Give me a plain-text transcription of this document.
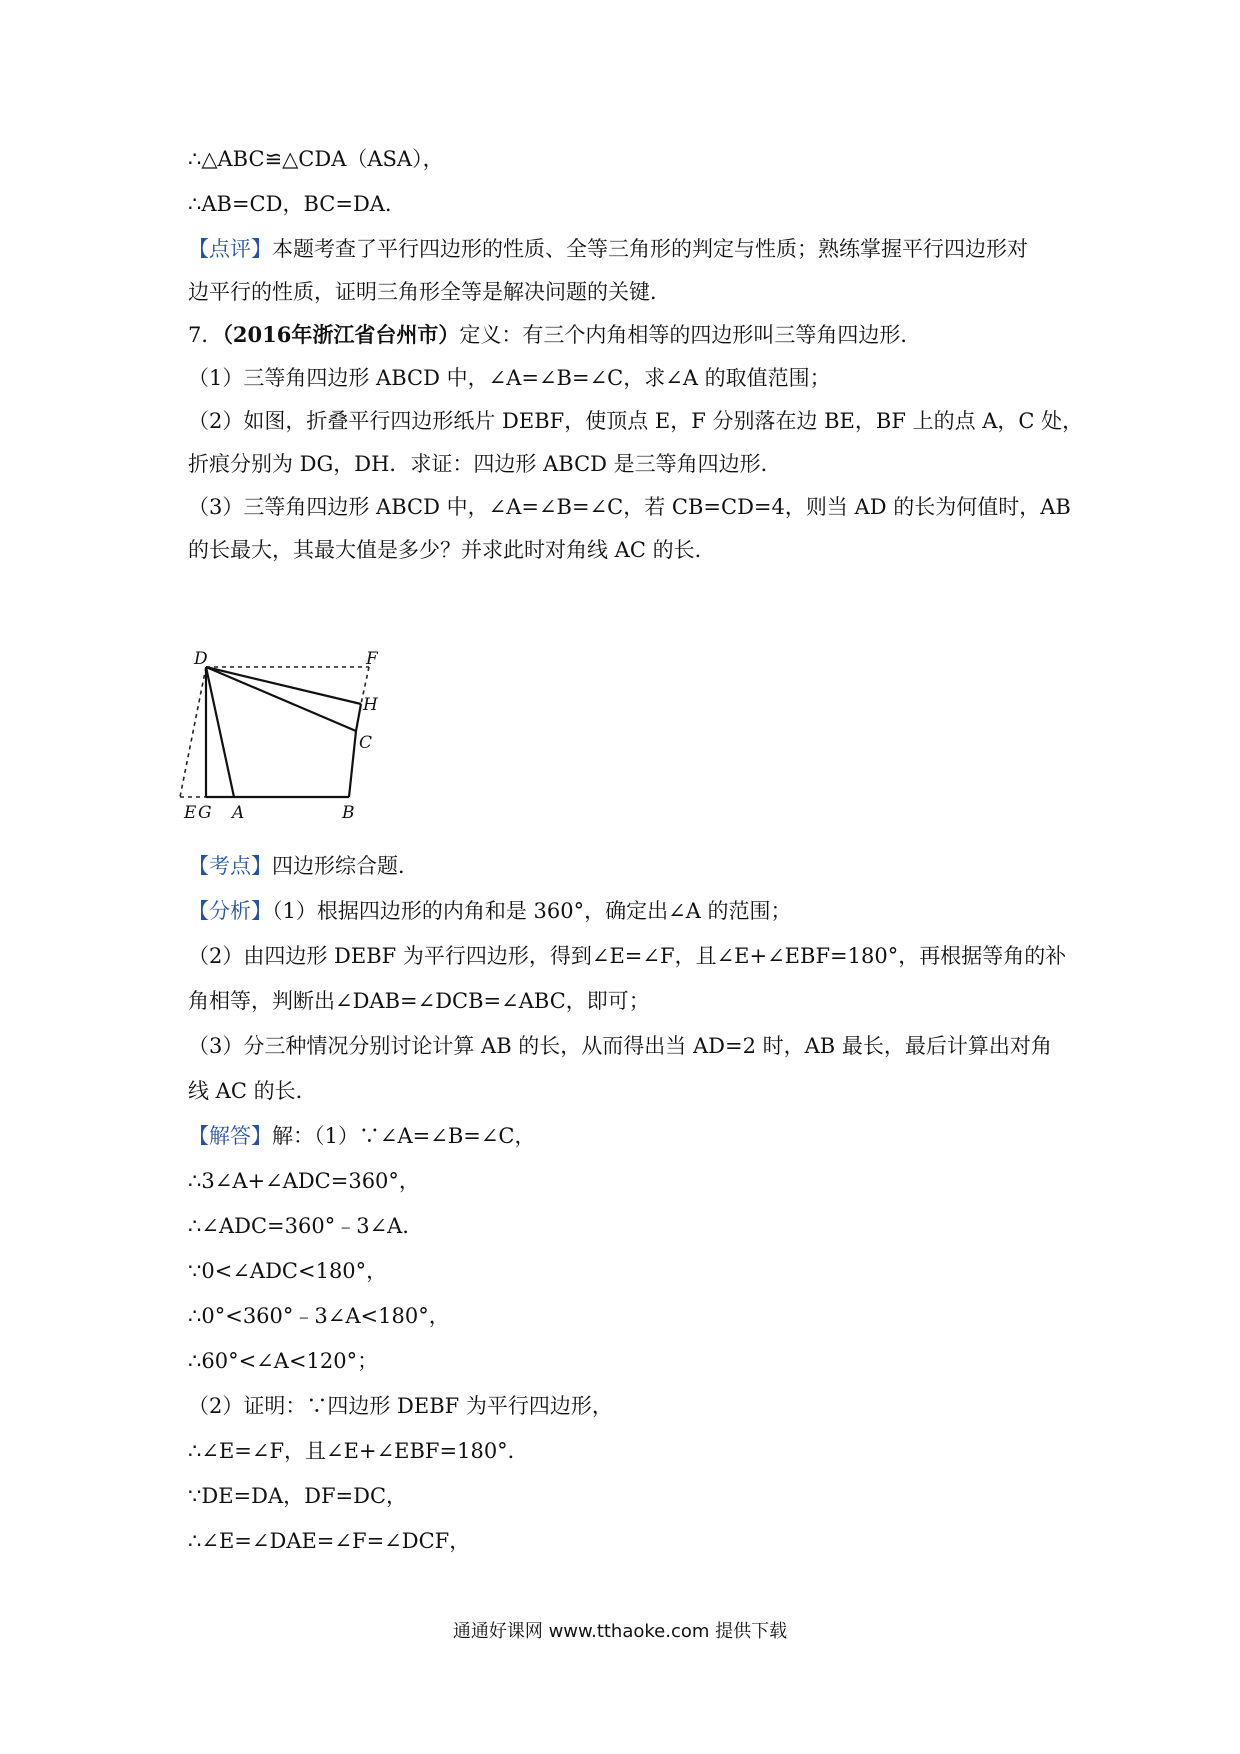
∴△ABC≌△CDA（ASA），
∴AB=CD，BC=DA．
【点评】本题考查了平行四边形的性质、全等三角形的判定与性质；熟练掌握平行四边形对
边平行的性质，证明三角形全等是解决问题的关键．
7．（2016年浙江省台州市）定义：有三个内角相等的四边形叫三等角四边形．
（1）三等角四边形 ABCD 中，∠A=∠B=∠C，求∠A 的取值范围；
（2）如图，折叠平行四边形纸片 DEBF，使顶点 E，F 分别落在边 BE，BF 上的点 A，C 处，
折痕分别为 DG，DH．求证：四边形 ABCD 是三等角四边形．
（3）三等角四边形 ABCD 中，∠A=∠B=∠C，若 CB=CD=4，则当 AD 的长为何值时，AB
的长最大，其最大值是多少？并求此时对角线 AC 的长．
D	F
H
C
E G A	B
【考点】四边形综合题．
【分析】（1）根据四边形的内角和是 360°，确定出∠A 的范围；
（2）由四边形 DEBF 为平行四边形，得到∠E=∠F，且∠E+∠EBF=180°，再根据等角的补
角相等，判断出∠DAB=∠DCB=∠ABC，即可；
（3）分三种情况分别讨论计算 AB 的长，从而得出当 AD=2 时，AB 最长，最后计算出对角
线 AC 的长．
【解答】解：（1）∵∠A=∠B=∠C，
∴3∠A+∠ADC=360°，
∴∠ADC=360°﹣3∠A．
∵0<∠ADC<180°，
∴0°<360°﹣3∠A<180°，
∴60°<∠A<120°；
（2）证明：∵四边形 DEBF 为平行四边形，
∴∠E=∠F，且∠E+∠EBF=180°．
∵DE=DA，DF=DC，
∴∠E=∠DAE=∠F=∠DCF，
通通好课网 www.tthaoke.com 提供下载
